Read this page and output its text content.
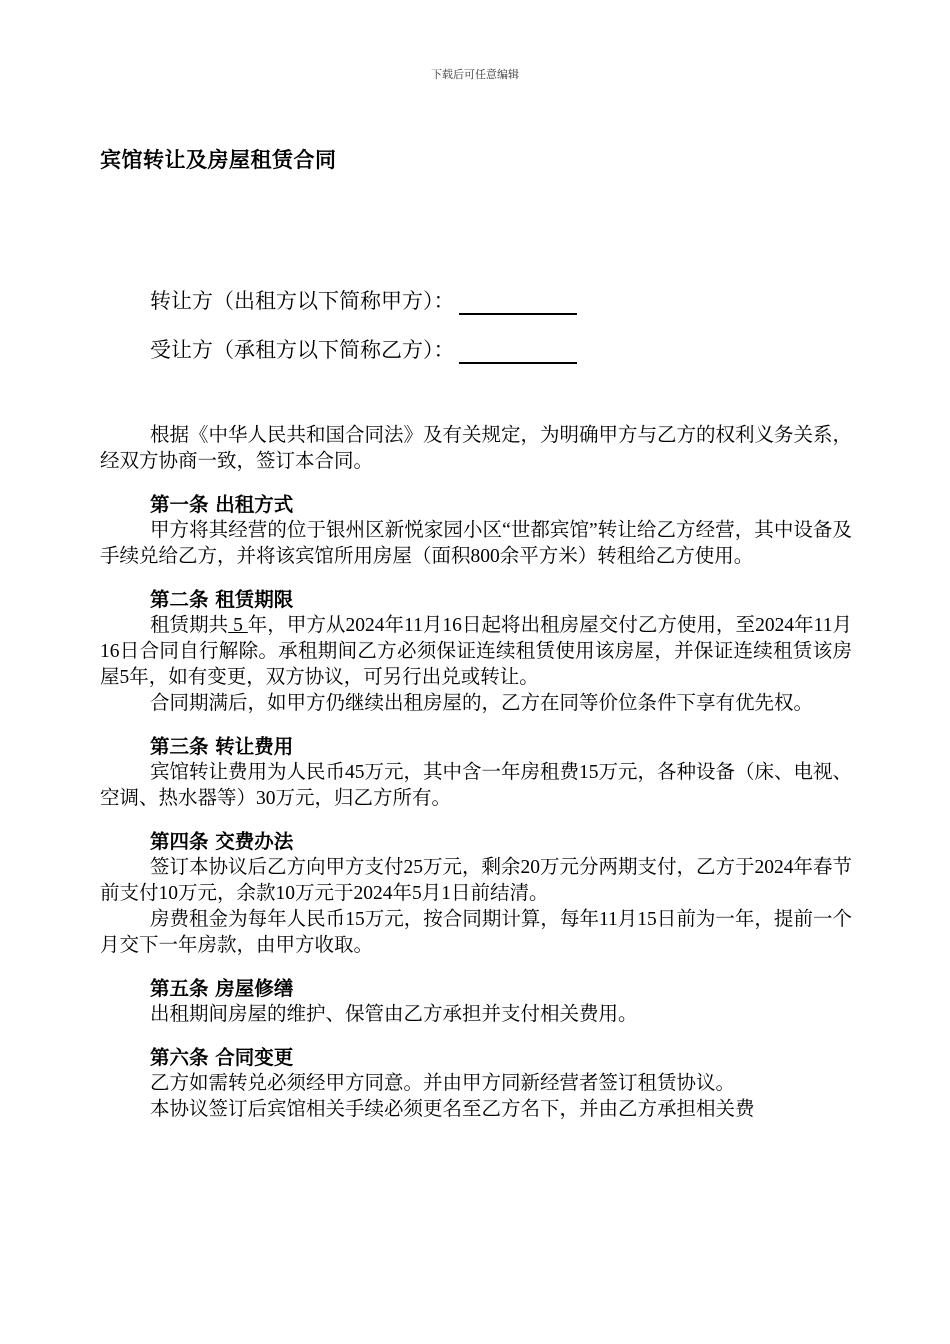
下载后可任意编辑
宾馆转让及房屋租赁合同
转让方（出租方以下简称甲方）：
受让方（承租方以下简称乙方）：

根据《中华人民共和国合同法》及有关规定，为明确甲方与乙方的权利义务关系，经双方协商一致，签订本合同。

第一条 出租方式

甲方将其经营的位于银州区新悦家园小区“世都宾馆”转让给乙方经营，其中设备及手续兑给乙方，并将该宾馆所用房屋（面积800余平方米）转租给乙方使用。

第二条 租赁期限

租赁期共 5 年，甲方从2024年11月16日起将出租房屋交付乙方使用，至2024年11月16日合同自行解除。承租期间乙方必须保证连续租赁使用该房屋，并保证连续租赁该房屋5年，如有变更，双方协议，可另行出兑或转让。

合同期满后，如甲方仍继续出租房屋的，乙方在同等价位条件下享有优先权。

第三条 转让费用

宾馆转让费用为人民币45万元，其中含一年房租费15万元，各种设备（床、电视、空调、热水器等）30万元，归乙方所有。

第四条 交费办法

签订本协议后乙方向甲方支付25万元，剩余20万元分两期支付，乙方于2024年春节前支付10万元，余款10万元于2024年5月1日前结清。

房费租金为每年人民币15万元，按合同期计算，每年11月15日前为一年，提前一个月交下一年房款，由甲方收取。

第五条 房屋修缮

出租期间房屋的维护、保管由乙方承担并支付相关费用。

第六条 合同变更

乙方如需转兑必须经甲方同意。并由甲方同新经营者签订租赁协议。

本协议签订后宾馆相关手续必须更名至乙方名下，并由乙方承担相关费
